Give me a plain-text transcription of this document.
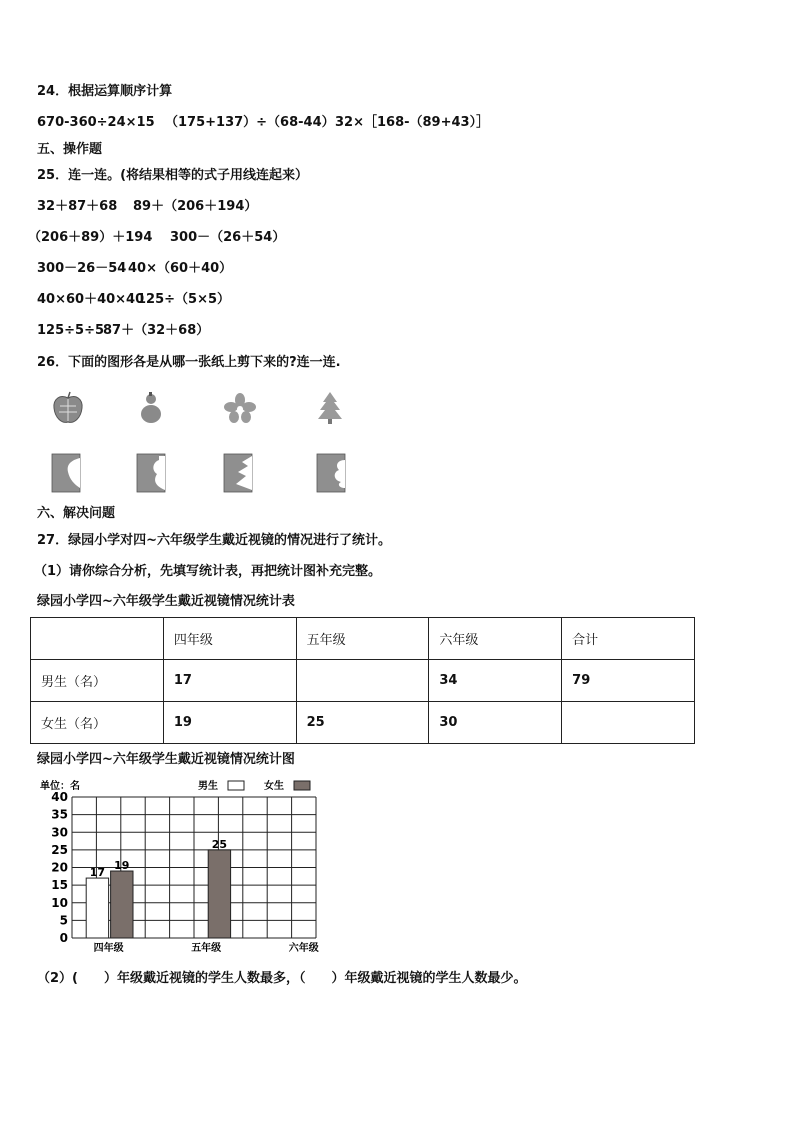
24．根据运算顺序计算
670-360÷24×15 （175+137）÷（68-44） 32×［168-（89+43）］
五、操作题
25．连一连。(将结果相等的式子用线连起来）
32＋87＋68 89＋（206＋194）
（206＋89）＋194 300－（26＋54）
300－26－54 40×（60＋40）
40×60＋40×40
125÷（5×5）
125÷5÷5
87＋（32＋68）
26．下面的图形各是从哪一张纸上剪下来的?连一连.
六、解决问题
27．绿园小学对四~六年级学生戴近视镜的情况进行了统计。
（1）请你综合分析，先填写统计表，再把统计图补充完整。
绿园小学四~六年级学生戴近视镜情况统计表
	四年级	五年级	六年级	合计
男生（名）	17		34	79
女生（名）	19	25	30	
绿园小学四~六年级学生戴近视镜情况统计图
0
5
10
15
20
25
30
35
40
单位：名	男生	女生
四年级
17
19
五年级
25
六年级
（2）(　　）年级戴近视镜的学生人数最多，（　　）年级戴近视镜的学生人数最少。
